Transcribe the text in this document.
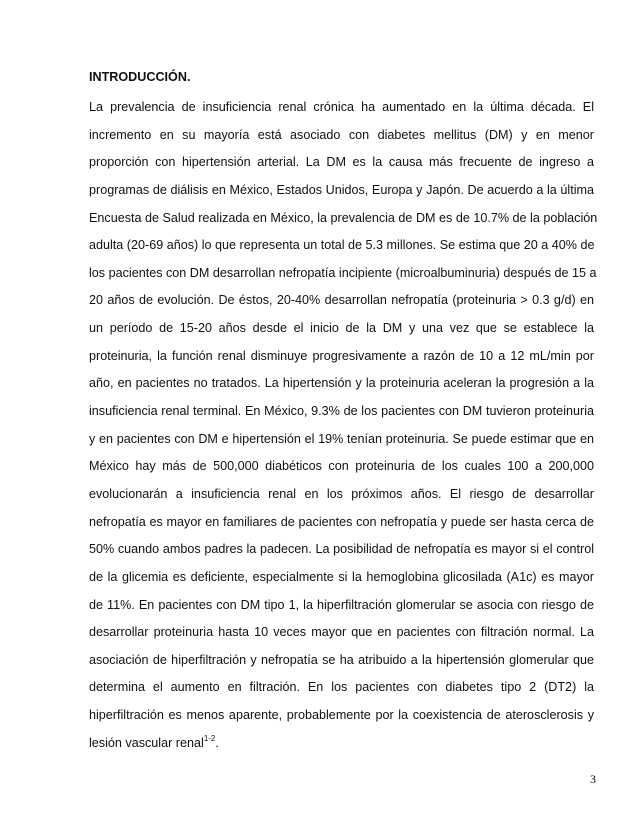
INTRODUCCIÓN.
La prevalencia de insuficiencia renal crónica ha aumentado en la última década. El
incremento en su mayoría está asociado con diabetes mellitus (DM) y en menor
proporción con hipertensión arterial. La DM es la causa más frecuente de ingreso a
programas de diálisis en México, Estados Unidos, Europa y Japón. De acuerdo a la última
Encuesta de Salud realizada en México, la prevalencia de DM es de 10.7% de la población
adulta (20-69 años) lo que representa un total de 5.3 millones. Se estima que 20 a 40% de
los pacientes con DM desarrollan nefropatía incipiente (microalbuminuria) después de 15 a
20 años de evolución. De éstos, 20-40% desarrollan nefropatía (proteinuria > 0.3 g/d) en
un período de 15-20 años desde el inicio de la DM y una vez que se establece la
proteinuria, la función renal disminuye progresivamente a razón de 10 a 12 mL/min por
año, en pacientes no tratados. La hipertensión y la proteinuria aceleran la progresión a la
insuficiencia renal terminal. En México, 9.3% de los pacientes con DM tuvieron proteinuria
y en pacientes con DM e hipertensión el 19% tenían proteinuria. Se puede estimar que en
México hay más de 500,000 diabéticos con proteinuria de los cuales 100 a 200,000
evolucionarán a insuficiencia renal en los próximos años. El riesgo de desarrollar
nefropatía es mayor en familiares de pacientes con nefropatía y puede ser hasta cerca de
50% cuando ambos padres la padecen. La posibilidad de nefropatía es mayor si el control
de la glicemia es deficiente, especialmente si la hemoglobina glicosilada (A1c) es mayor
de 11%. En pacientes con DM tipo 1, la hiperfiltración glomerular se asocia con riesgo de
desarrollar proteinuria hasta 10 veces mayor que en pacientes con filtración normal. La
asociación de hiperfiltración y nefropatía se ha atribuido a la hipertensión glomerular que
determina el aumento en filtración. En los pacientes con diabetes tipo 2 (DT2) la
hiperfiltración es menos aparente, probablemente por la coexistencia de aterosclerosis y
lesión vascular renal$^{1-2}$.
3
